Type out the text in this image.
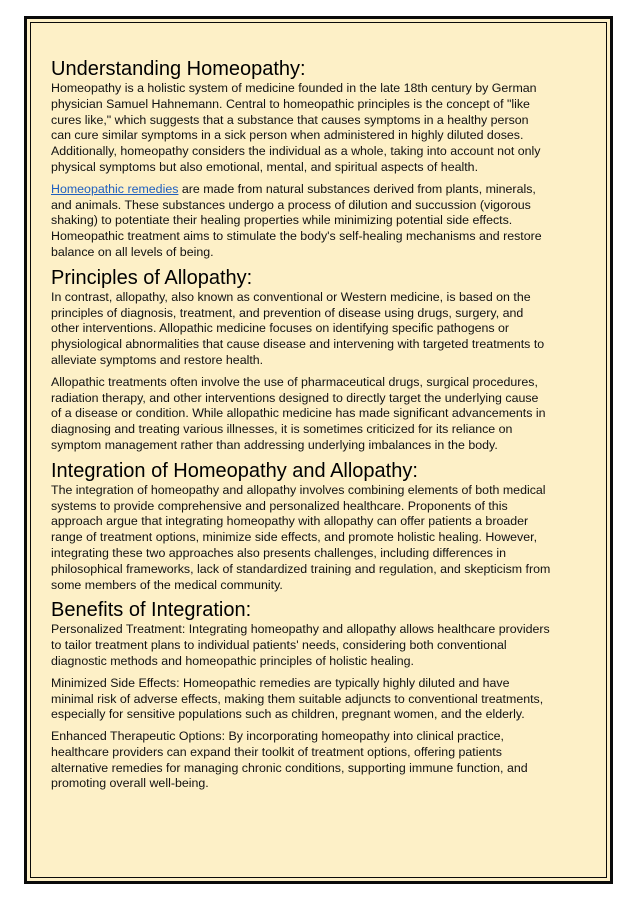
Understanding Homeopathy:

Homeopathy is a holistic system of medicine founded in the late 18th century by German physician Samuel Hahnemann. Central to homeopathic principles is the concept of "like cures like," which suggests that a substance that causes symptoms in a healthy person can cure similar symptoms in a sick person when administered in highly diluted doses. Additionally, homeopathy considers the individual as a whole, taking into account not only physical symptoms but also emotional, mental, and spiritual aspects of health.

Homeopathic remedies are made from natural substances derived from plants, minerals, and animals. These substances undergo a process of dilution and succussion (vigorous shaking) to potentiate their healing properties while minimizing potential side effects. Homeopathic treatment aims to stimulate the body's self-healing mechanisms and restore balance on all levels of being.

Principles of Allopathy:

In contrast, allopathy, also known as conventional or Western medicine, is based on the principles of diagnosis, treatment, and prevention of disease using drugs, surgery, and other interventions. Allopathic medicine focuses on identifying specific pathogens or physiological abnormalities that cause disease and intervening with targeted treatments to alleviate symptoms and restore health.

Allopathic treatments often involve the use of pharmaceutical drugs, surgical procedures, radiation therapy, and other interventions designed to directly target the underlying cause of a disease or condition. While allopathic medicine has made significant advancements in diagnosing and treating various illnesses, it is sometimes criticized for its reliance on symptom management rather than addressing underlying imbalances in the body.

Integration of Homeopathy and Allopathy:

The integration of homeopathy and allopathy involves combining elements of both medical systems to provide comprehensive and personalized healthcare. Proponents of this approach argue that integrating homeopathy with allopathy can offer patients a broader range of treatment options, minimize side effects, and promote holistic healing. However, integrating these two approaches also presents challenges, including differences in philosophical frameworks, lack of standardized training and regulation, and skepticism from some members of the medical community.

Benefits of Integration:

Personalized Treatment: Integrating homeopathy and allopathy allows healthcare providers to tailor treatment plans to individual patients' needs, considering both conventional diagnostic methods and homeopathic principles of holistic healing.

Minimized Side Effects: Homeopathic remedies are typically highly diluted and have minimal risk of adverse effects, making them suitable adjuncts to conventional treatments, especially for sensitive populations such as children, pregnant women, and the elderly.

Enhanced Therapeutic Options: By incorporating homeopathy into clinical practice, healthcare providers can expand their toolkit of treatment options, offering patients alternative remedies for managing chronic conditions, supporting immune function, and promoting overall well-being.
